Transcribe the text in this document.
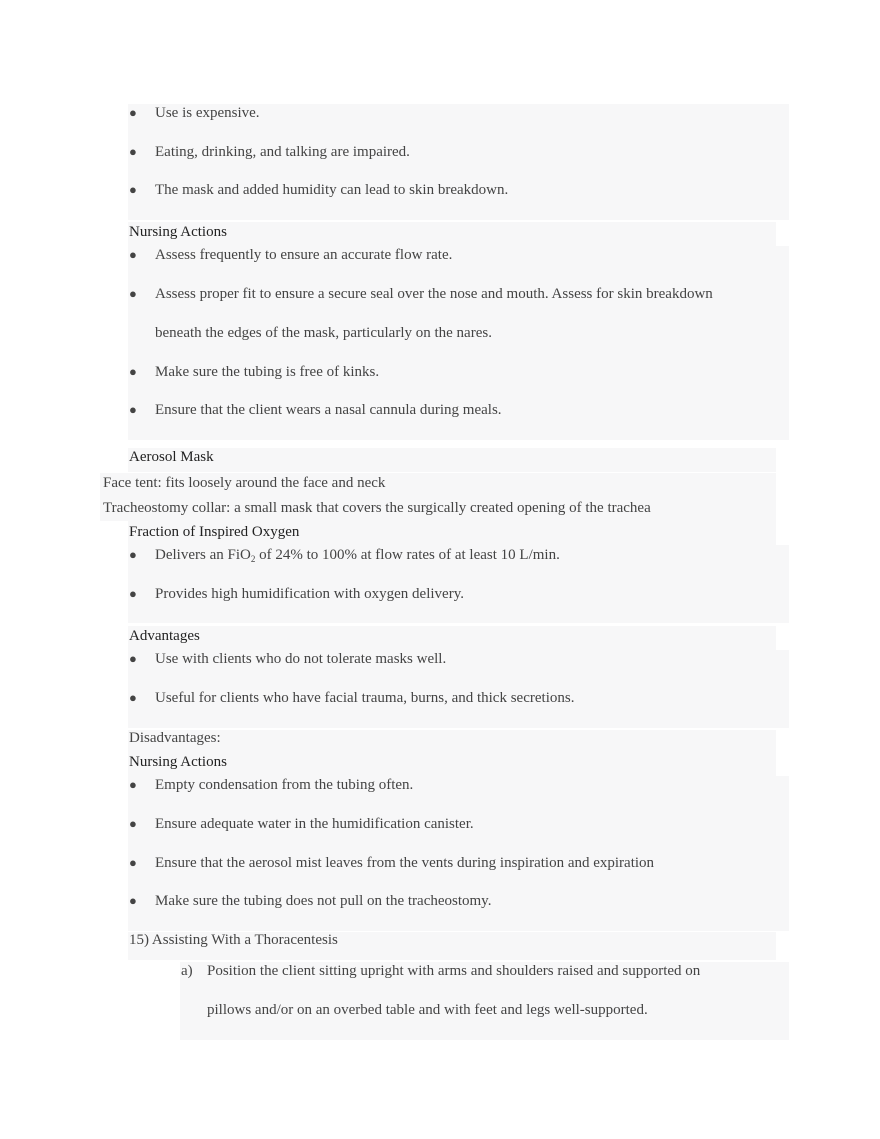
● Use is expensive.
● Eating, drinking, and talking are impaired.
● The mask and added humidity can lead to skin breakdown.
Nursing Actions
● Assess frequently to ensure an accurate flow rate.
● Assess proper fit to ensure a secure seal over the nose and mouth. Assess for skin breakdown
beneath the edges of the mask, particularly on the nares.
● Make sure the tubing is free of kinks.
● Ensure that the client wears a nasal cannula during meals.
Aerosol Mask
Face tent: fits loosely around the face and neck
Tracheostomy collar: a small mask that covers the surgically created opening of the trachea
Fraction of Inspired Oxygen
● Delivers an FiO$_2$ of 24% to 100% at flow rates of at least 10 L/min.
● Provides high humidification with oxygen delivery.
Advantages
● Use with clients who do not tolerate masks well.
● Useful for clients who have facial trauma, burns, and thick secretions.
Disadvantages:
Nursing Actions
● Empty condensation from the tubing often.
● Ensure adequate water in the humidification canister.
● Ensure that the aerosol mist leaves from the vents during inspiration and expiration
● Make sure the tubing does not pull on the tracheostomy.
15) Assisting With a Thoracentesis
a) Position the client sitting upright with arms and shoulders raised and supported on
pillows and/or on an overbed table and with feet and legs well-supported.
